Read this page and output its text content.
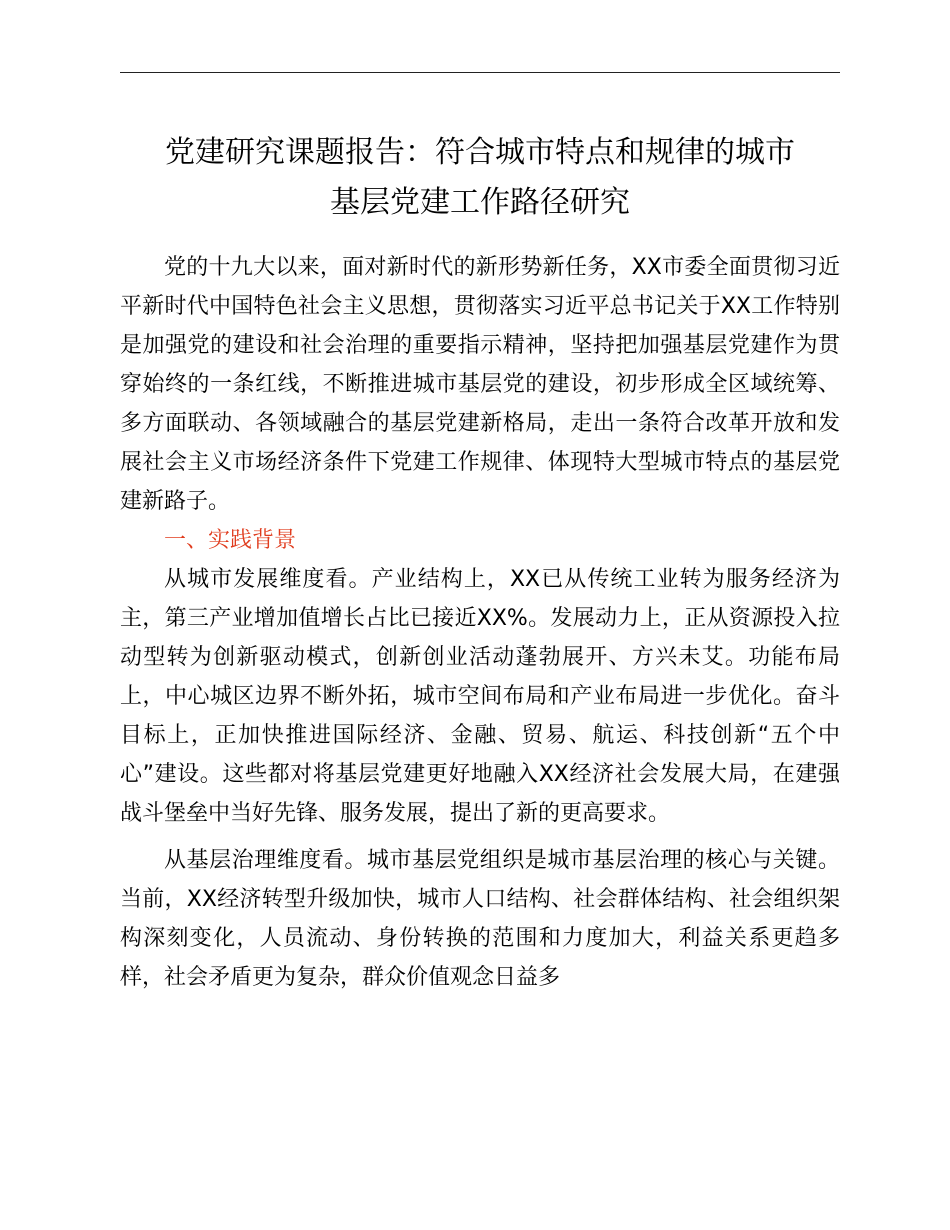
党建研究课题报告：符合城市特点和规律的城市
基层党建工作路径研究

党的十九大以来，面对新时代的新形势新任务，XX市委全面贯彻习近平新时代中国特色社会主义思想，贯彻落实习近平总书记关于XX工作特别是加强党的建设和社会治理的重要指示精神，坚持把加强基层党建作为贯穿始终的一条红线，不断推进城市基层党的建设，初步形成全区域统筹、多方面联动、各领域融合的基层党建新格局，走出一条符合改革开放和发展社会主义市场经济条件下党建工作规律、体现特大型城市特点的基层党建新路子。

一、实践背景

从城市发展维度看。产业结构上，XX已从传统工业转为服务经济为主，第三产业增加值增长占比已接近XX%。发展动力上，正从资源投入拉动型转为创新驱动模式，创新创业活动蓬勃展开、方兴未艾。功能布局上，中心城区边界不断外拓，城市空间布局和产业布局进一步优化。奋斗目标上，正加快推进国际经济、金融、贸易、航运、科技创新“五个中心”建设。这些都对将基层党建更好地融入XX经济社会发展大局，在建强战斗堡垒中当好先锋、服务发展，提出了新的更高要求。

从基层治理维度看。城市基层党组织是城市基层治理的核心与关键。当前，XX经济转型升级加快，城市人口结构、社会群体结构、社会组织架构深刻变化，人员流动、身份转换的范围和力度加大，利益关系更趋多样，社会矛盾更为复杂，群众价值观念日益多
